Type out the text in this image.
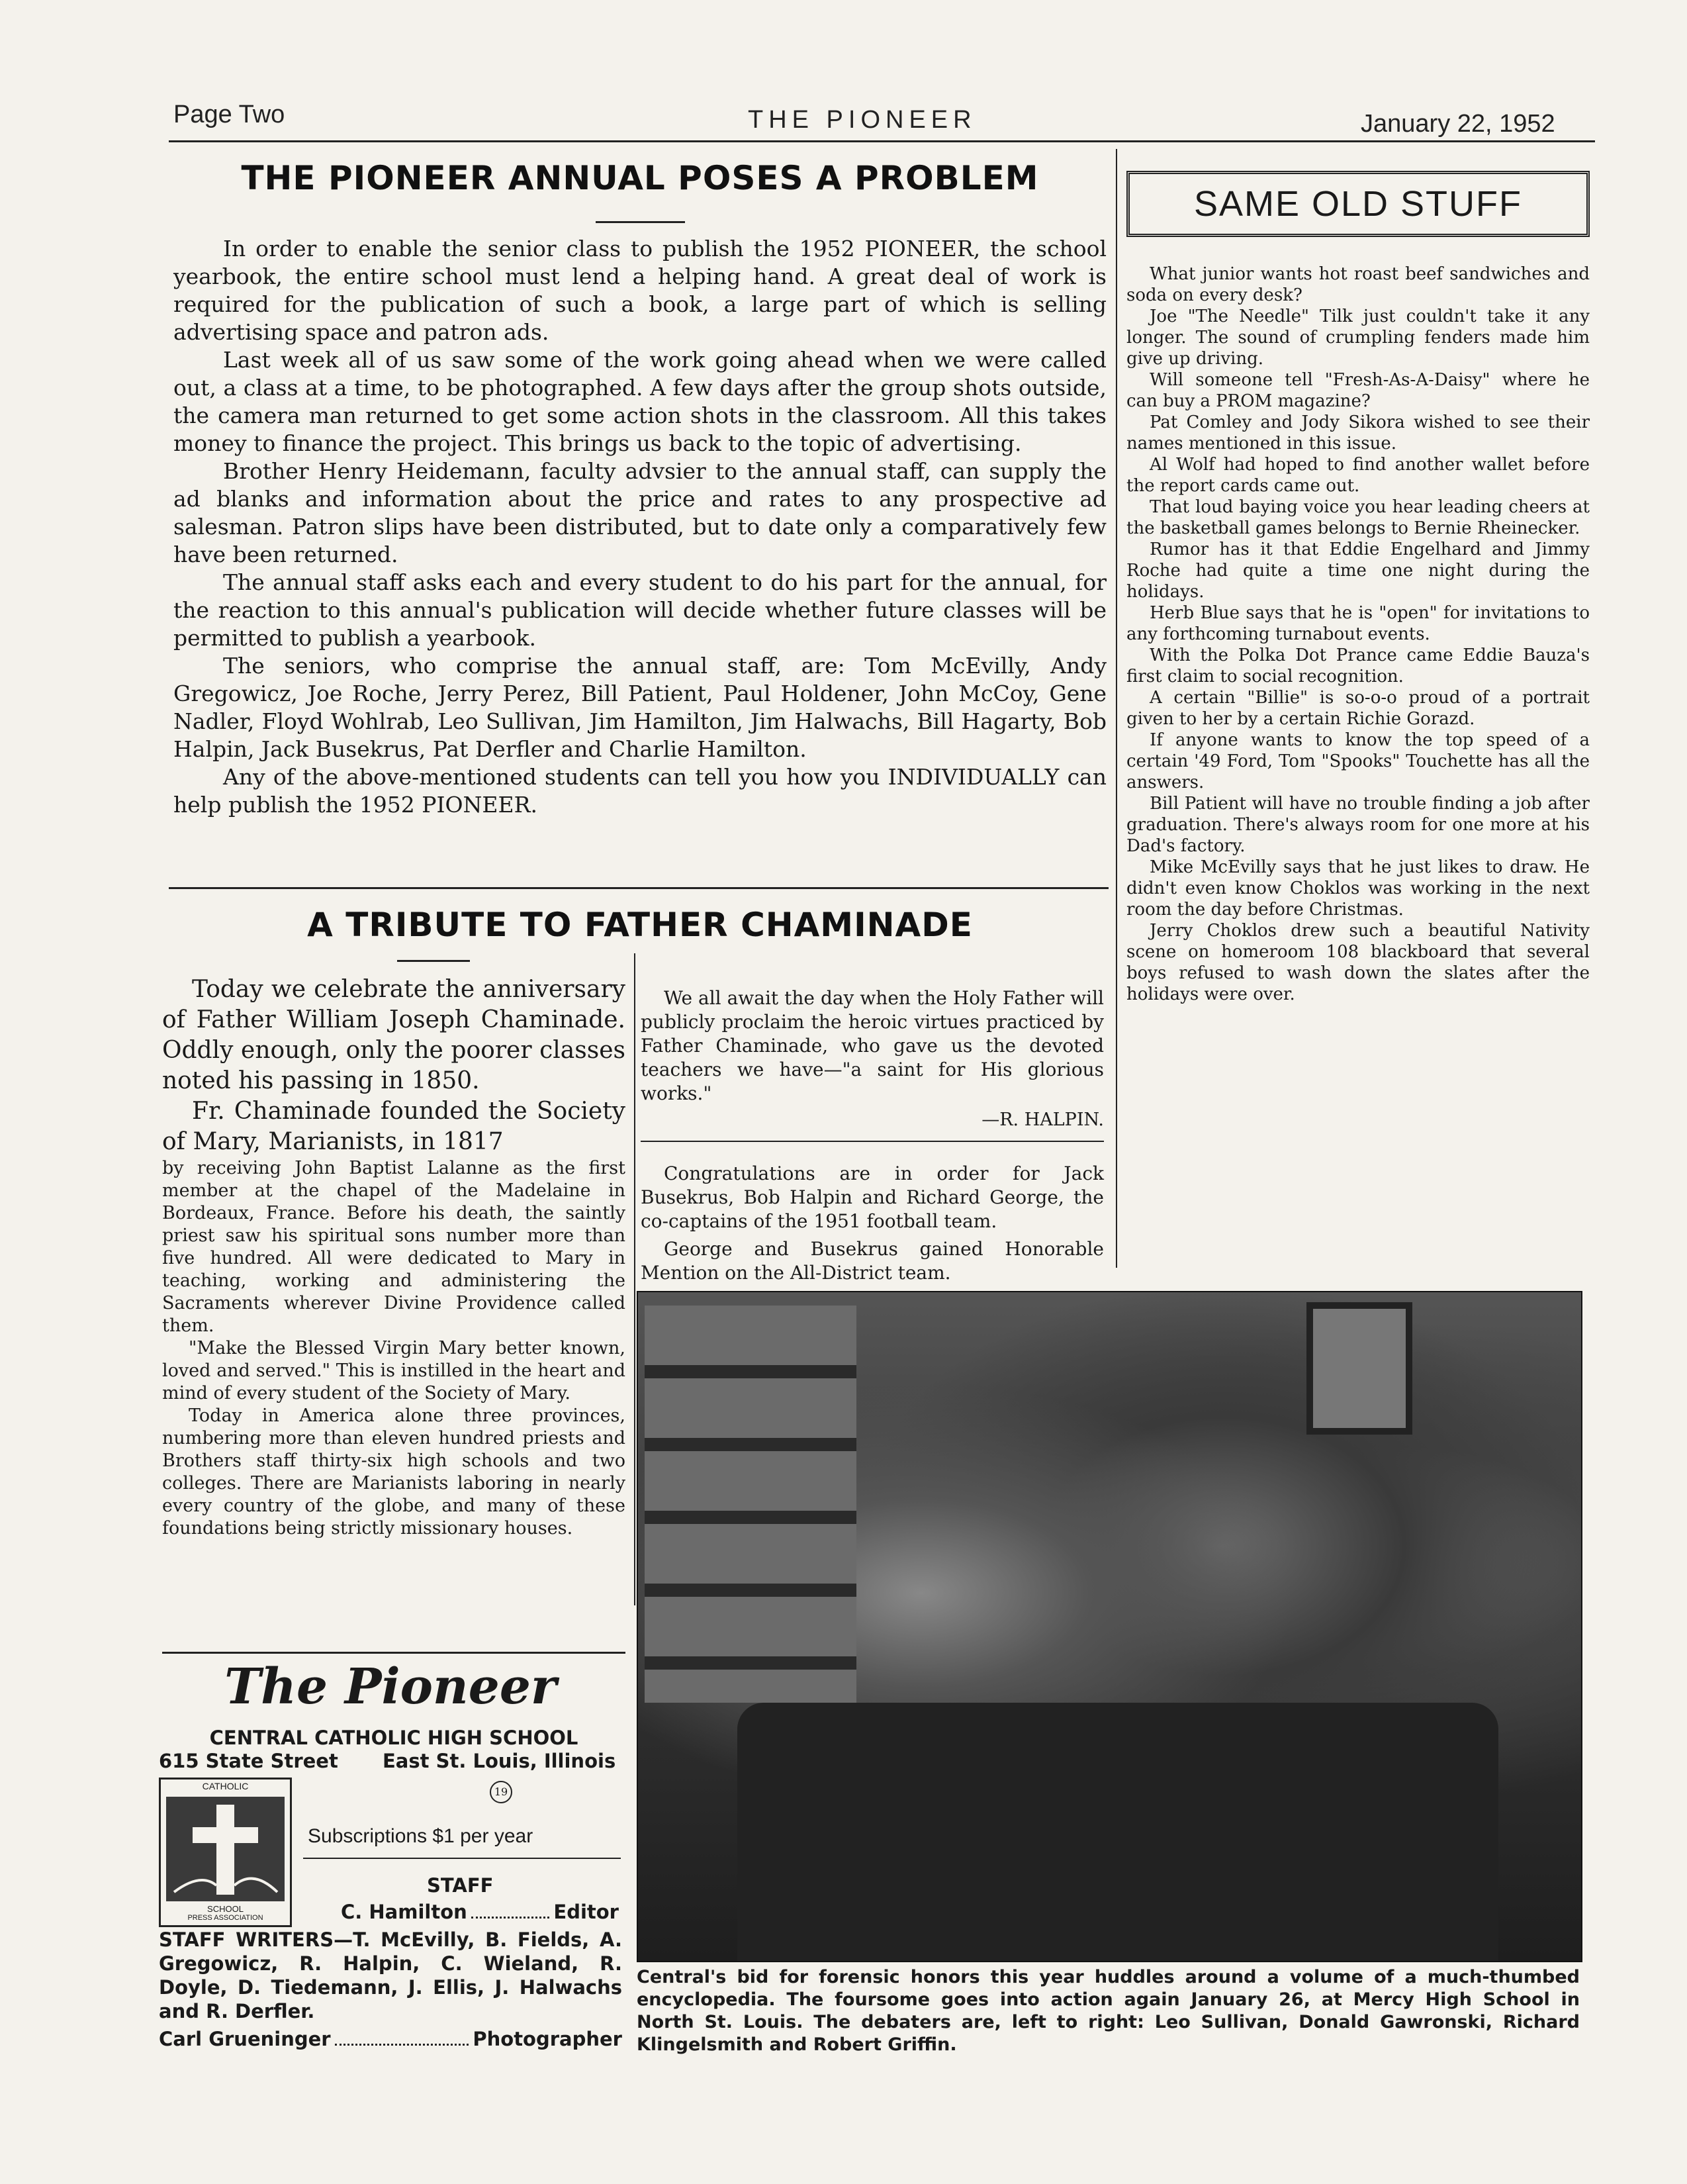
Page Two	THE PIONEER	January 22, 1952
THE PIONEER ANNUAL POSES A PROBLEM

In order to enable the senior class to publish the 1952 PIONEER, the school yearbook, the entire school must lend a helping hand. A great deal of work is required for the publication of such a book, a large part of which is selling advertising space and patron ads.

Last week all of us saw some of the work going ahead when we were called out, a class at a time, to be photographed. A few days after the group shots outside, the camera man returned to get some action shots in the classroom. All this takes money to finance the project. This brings us back to the topic of advertising.

Brother Henry Heidemann, faculty advsier to the annual staff, can supply the ad blanks and information about the price and rates to any prospective ad salesman. Patron slips have been distributed, but to date only a comparatively few have been returned.

The annual staff asks each and every student to do his part for the annual, for the reaction to this annual's publication will decide whether future classes will be permitted to publish a yearbook.

The seniors, who comprise the annual staff, are: Tom McEvilly, Andy Gregowicz, Joe Roche, Jerry Perez, Bill Patient, Paul Holdener, John McCoy, Gene Nadler, Floyd Wohlrab, Leo Sullivan, Jim Hamilton, Jim Halwachs, Bill Hagarty, Bob Halpin, Jack Busekrus, Pat Derfler and Charlie Hamilton.

Any of the above-mentioned students can tell you how you INDIVIDUALLY can help publish the 1952 PIONEER.

A TRIBUTE TO FATHER CHAMINADE

Today we celebrate the anniversary of Father William Joseph Chaminade. Oddly enough, only the poorer classes noted his passing in 1850.

Fr. Chaminade founded the Society of Mary, Marianists, in 1817

by receiving John Baptist Lalanne as the first member at the chapel of the Madelaine in Bordeaux, France. Before his death, the saintly priest saw his spiritual sons number more than five hundred. All were dedicated to Mary in teaching, working and administering the Sacraments wherever Divine Providence called them.

"Make the Blessed Virgin Mary better known, loved and served." This is instilled in the heart and mind of every student of the Society of Mary.

Today in America alone three provinces, numbering more than eleven hundred priests and Brothers staff thirty-six high schools and two colleges. There are Marianists laboring in nearly every country of the globe, and many of these foundations being strictly missionary houses.

We all await the day when the Holy Father will publicly proclaim the heroic virtues practiced by Father Chaminade, who gave us the devoted teachers we have—"a saint for His glorious works."

—R. HALPIN.

Congratulations are in order for Jack Busekrus, Bob Halpin and Richard George, the co-captains of the 1951 football team.

George and Busekrus gained Honorable Mention on the All-District team.

SAME OLD STUFF

What junior wants hot roast beef sandwiches and soda on every desk?

Joe "The Needle" Tilk just couldn't take it any longer. The sound of crumpling fenders made him give up driving.

Will someone tell "Fresh-As-A-Daisy" where he can buy a PROM magazine?

Pat Comley and Jody Sikora wished to see their names mentioned in this issue.

Al Wolf had hoped to find another wallet before the report cards came out.

That loud baying voice you hear leading cheers at the basketball games belongs to Bernie Rheinecker.

Rumor has it that Eddie Engelhard and Jimmy Roche had quite a time one night during the holidays.

Herb Blue says that he is "open" for invitations to any forthcoming turnabout events.

With the Polka Dot Prance came Eddie Bauza's first claim to social recognition.

A certain "Billie" is so-o-o proud of a portrait given to her by a certain Richie Gorazd.

If anyone wants to know the top speed of a certain '49 Ford, Tom "Spooks" Touchette has all the answers.

Bill Patient will have no trouble finding a job after graduation. There's always room for one more at his Dad's factory.

Mike McEvilly says that he just likes to draw. He didn't even know Choklos was working in the next room the day before Christmas.

Jerry Choklos drew such a beautiful Nativity scene on homeroom 108 blackboard that several boys refused to wash down the slates after the holidays were over.

Central's bid for forensic honors this year huddles around a volume of a much-thumbed encyclopedia. The foursome goes into action again January 26, at Mercy High School in North St. Louis. The debaters are, left to right: Leo Sullivan, Donald Gawronski, Richard Klingelsmith and Robert Griffin.
The Pioneer
CENTRAL CATHOLIC HIGH SCHOOL
615 State Street East St. Louis, Illinois
19
CATHOLIC
SCHOOL
PRESS ASSOCIATION
Subscriptions $1 per year
STAFF
C. Hamilton	Editor
STAFF WRITERS—T. McEvilly, B. Fields, A. Gregowicz, R. Halpin, C. Wieland, R. Doyle, D. Tiedemann, J. Ellis, J. Halwachs and R. Derfler.
Carl Grueninger	Photographer
